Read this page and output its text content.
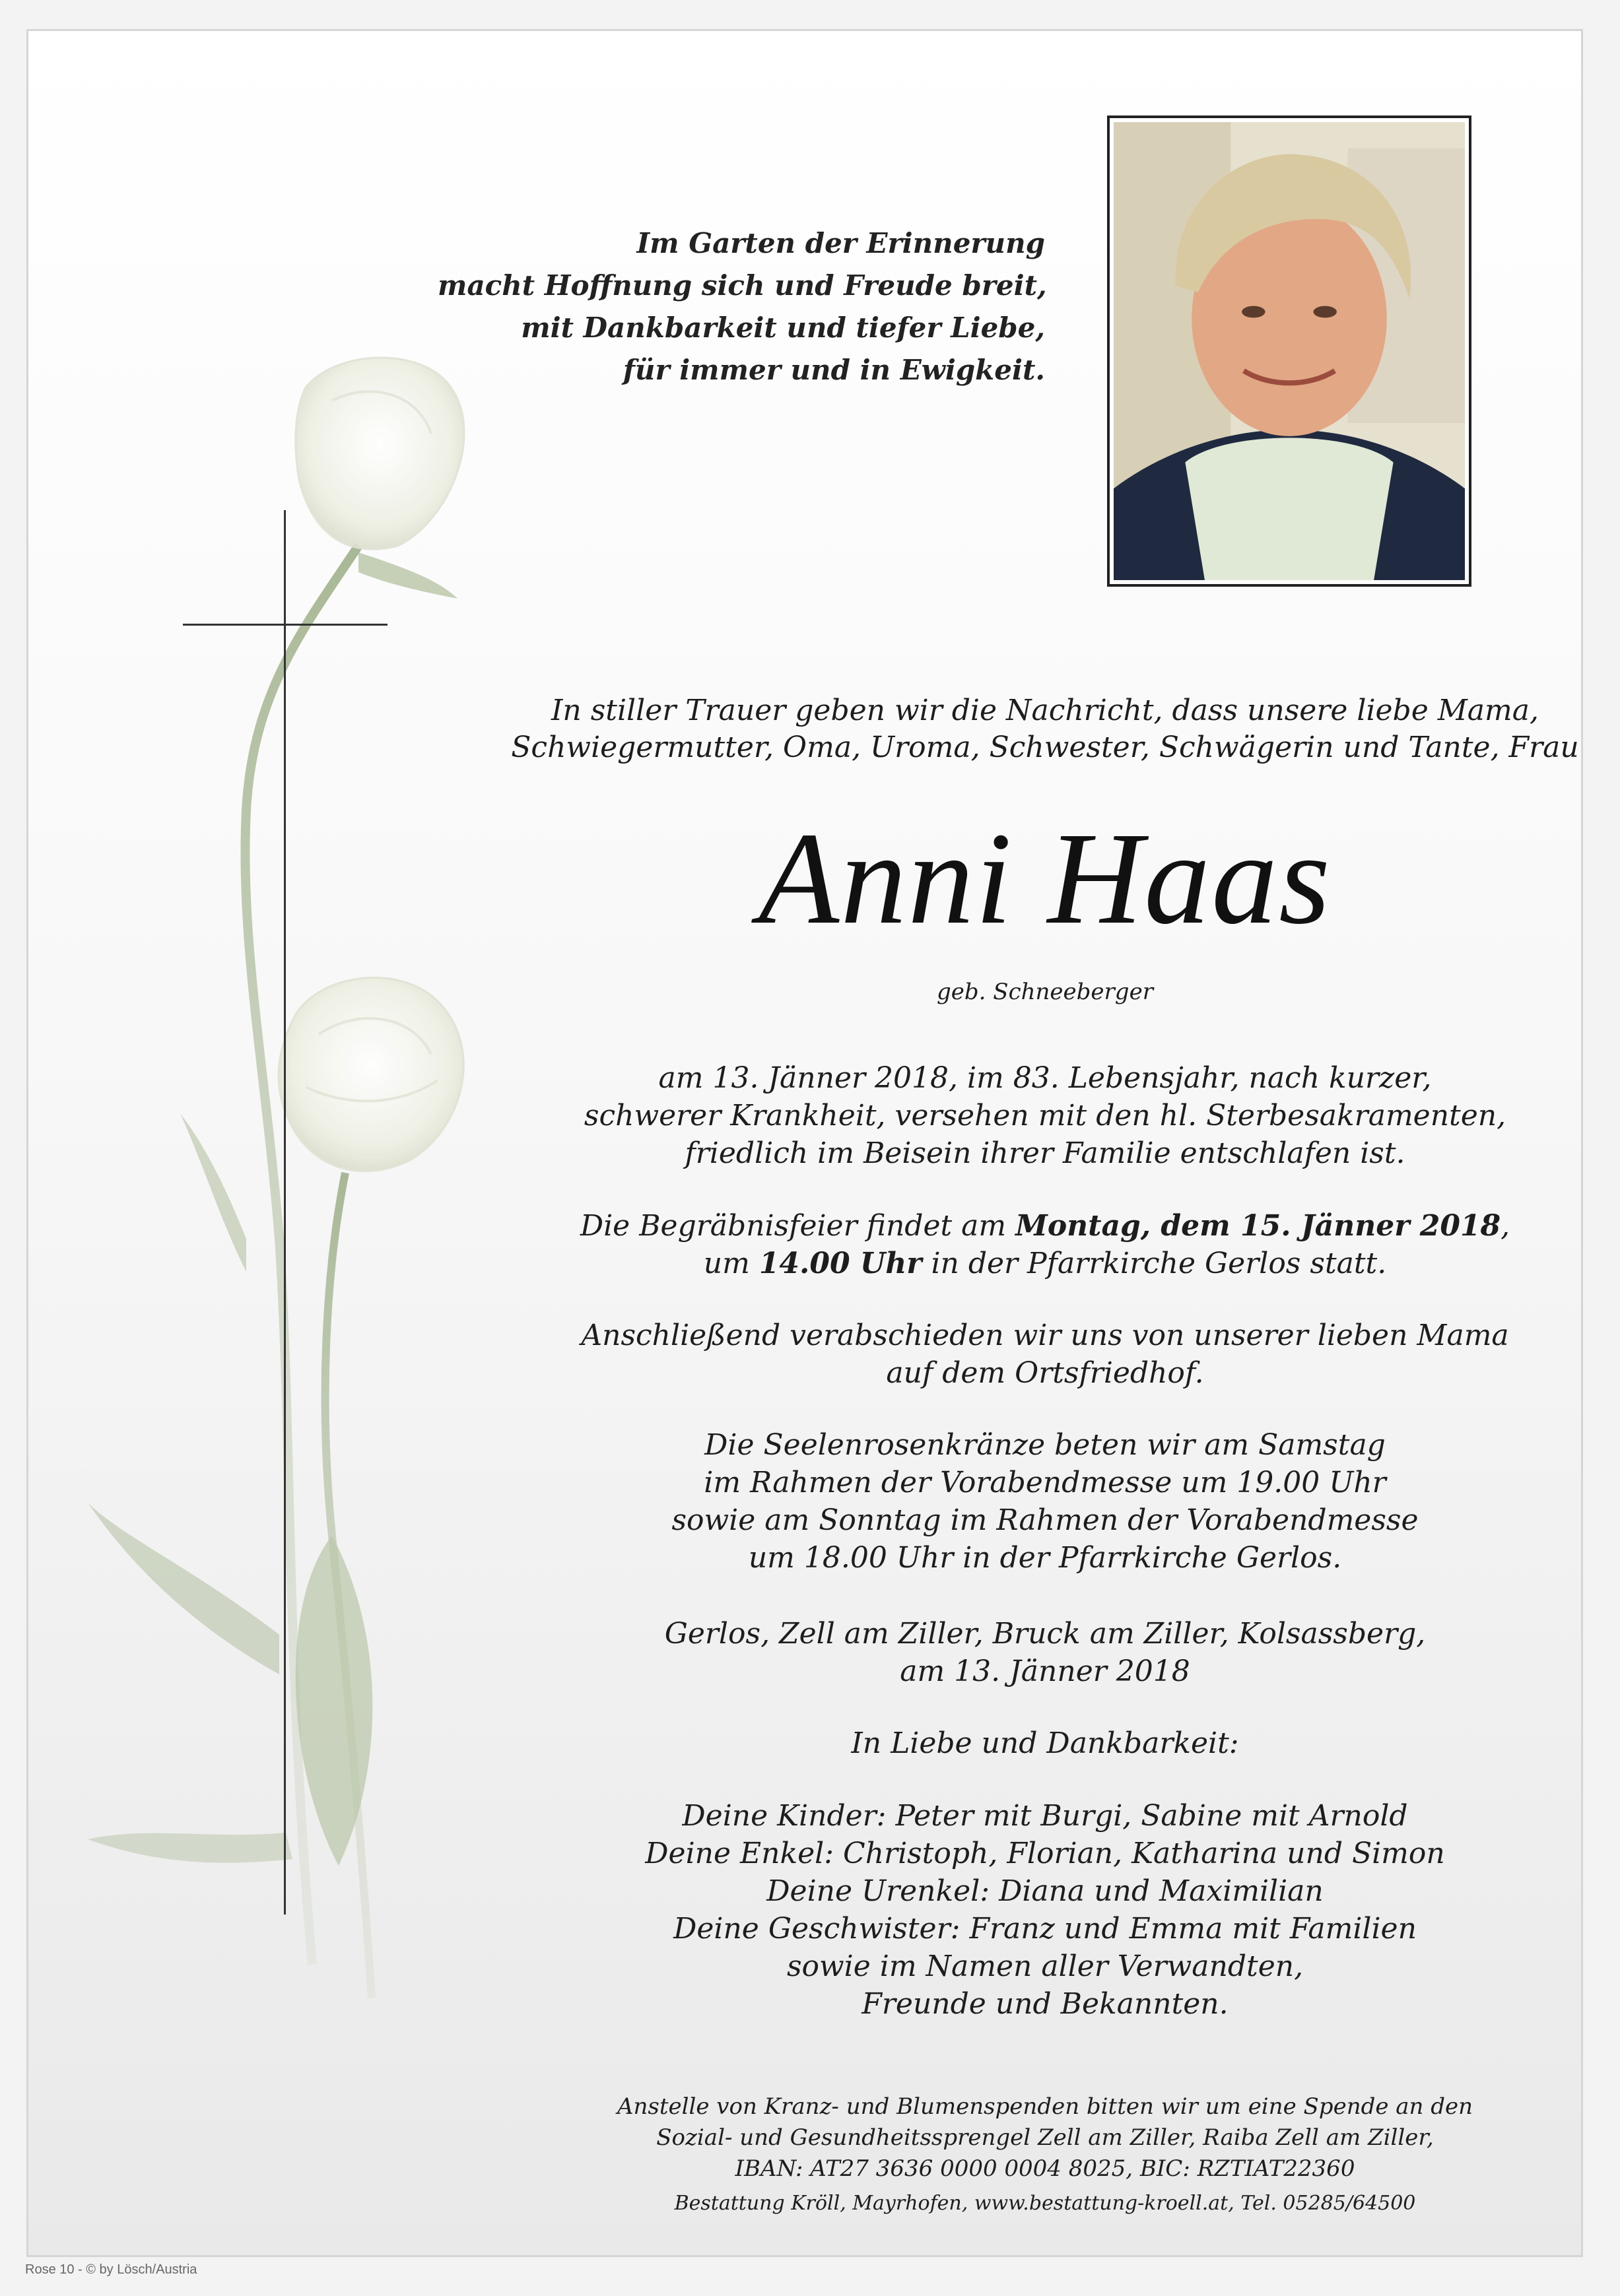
Im Garten der Erinnerung
macht Hoffnung sich und Freude breit,
mit Dankbarkeit und tiefer Liebe,
für immer und in Ewigkeit.
In stiller Trauer geben wir die Nachricht, dass unsere liebe Mama,
Schwiegermutter, Oma, Uroma, Schwester, Schwägerin und Tante, Frau
Anni Haas
geb. Schneeberger
am 13. Jänner 2018, im 83. Lebensjahr, nach kurzer,
schwerer Krankheit, versehen mit den hl. Sterbesakramenten,
friedlich im Beisein ihrer Familie entschlafen ist.
Die Begräbnisfeier findet am Montag, dem 15. Jänner 2018,
um 14.00 Uhr in der Pfarrkirche Gerlos statt.
Anschließend verabschieden wir uns von unserer lieben Mama
auf dem Ortsfriedhof.
Die Seelenrosenkränze beten wir am Samstag
im Rahmen der Vorabendmesse um 19.00 Uhr
sowie am Sonntag im Rahmen der Vorabendmesse
um 18.00 Uhr in der Pfarrkirche Gerlos.
Gerlos, Zell am Ziller, Bruck am Ziller, Kolsassberg,
am 13. Jänner 2018
In Liebe und Dankbarkeit:
Deine Kinder: Peter mit Burgi, Sabine mit Arnold
Deine Enkel: Christoph, Florian, Katharina und Simon
Deine Urenkel: Diana und Maximilian
Deine Geschwister: Franz und Emma mit Familien
sowie im Namen aller Verwandten,
Freunde und Bekannten.
Anstelle von Kranz- und Blumenspenden bitten wir um eine Spende an den
Sozial- und Gesundheitssprengel Zell am Ziller, Raiba Zell am Ziller,
IBAN: AT27 3636 0000 0004 8025, BIC: RZTIAT22360
Bestattung Kröll, Mayrhofen, www.bestattung-kroell.at, Tel. 05285/64500
Rose 10 - © by Lösch/Austria
